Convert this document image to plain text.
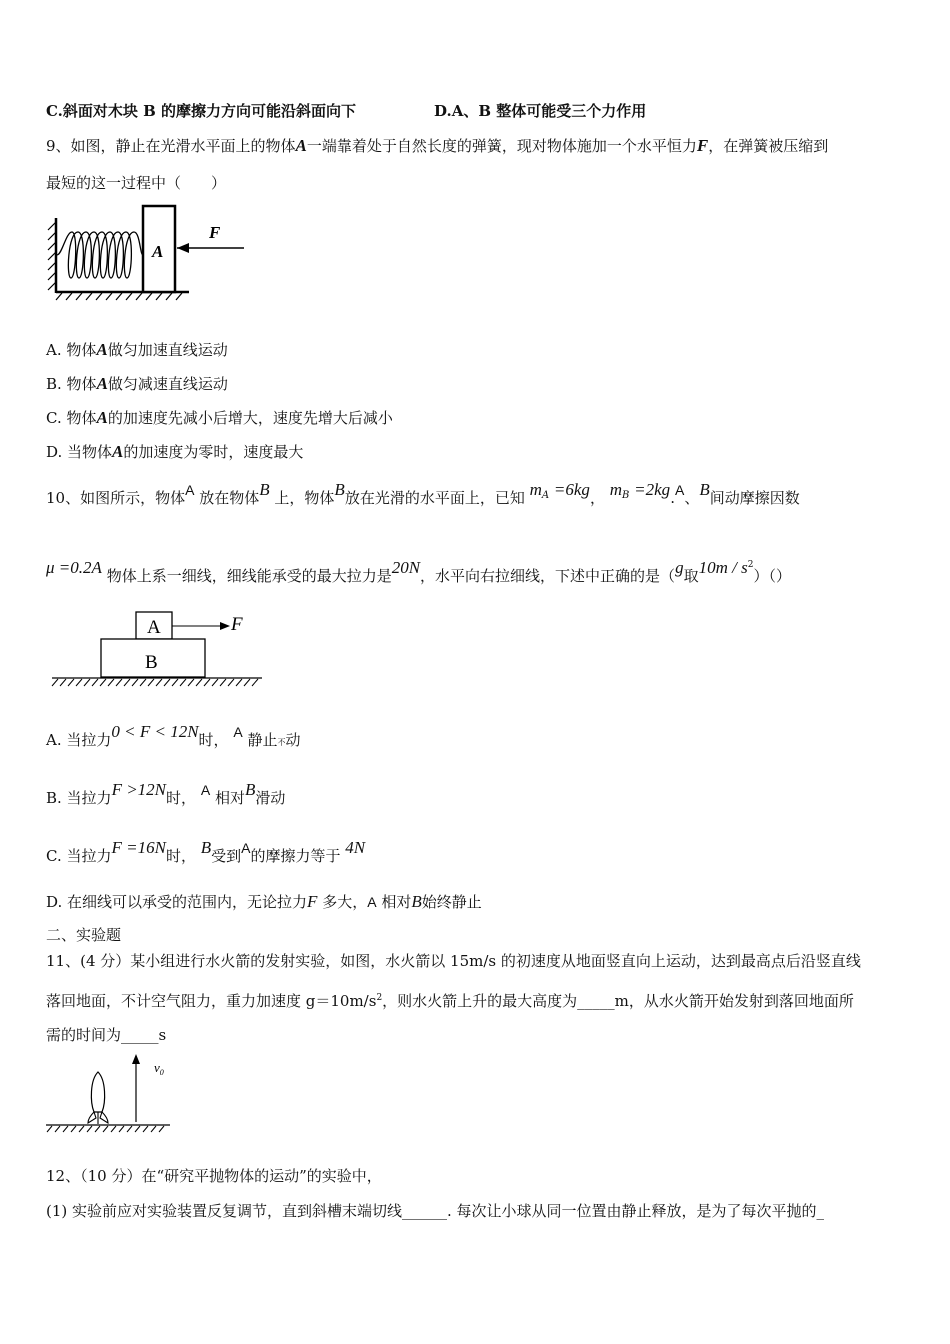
C.斜面对木块 B 的摩擦力方向可能沿斜面向下	D.A、B 整体可能受三个力作用
9、如图，静止在光滑水平面上的物体A一端靠着处于自然长度的弹簧，现对物体施加一个水平恒力F，在弹簧被压缩到
最短的这一过程中（　　）
A
F
A. 物体A做匀加速直线运动
B. 物体A做匀减速直线运动
C. 物体A的加速度先减小后增大，速度先增大后减小
D. 当物体A的加速度为零时，速度最大
10、如图所示，物体A 放在物体B 上，物体B放在光滑的水平面上，已知 $m_A =6kg$， $m_B =2kg.A$、B间动摩擦因数
μ =0.2A 物体上系一细线，细线能承受的最大拉力是20N，水平向右拉细线，下述中正确的是（g取$10m / s^2)()$
A
B
F
A. 当拉力0 < F < 12N时， A 静止不动
B. 当拉力F >12N时， A 相对B滑动
C. 当拉力F =16N时， B受到A的摩擦力等于 4N
D. 在细线可以承受的范围内，无论拉力F 多大，A 相对B始终静止
二、实验题
11、(4 分）某小组进行水火箭的发射实验，如图，水火箭以 15m/s 的初速度从地面竖直向上运动，达到最高点后沿竖直线
落回地面，不计空气阻力，重力加速度 $g=10m/s^2$，则水火箭上升的最大高度为_____m，从水火箭开始发射到落回地面所
需的时间为_____s
$v_0$
12、（10 分）在“研究平抛物体的运动”的实验中，
(1) 实验前应对实验装置反复调节，直到斜槽末端切线______. 每次让小球从同一位置由静止释放，是为了每次平抛的_
